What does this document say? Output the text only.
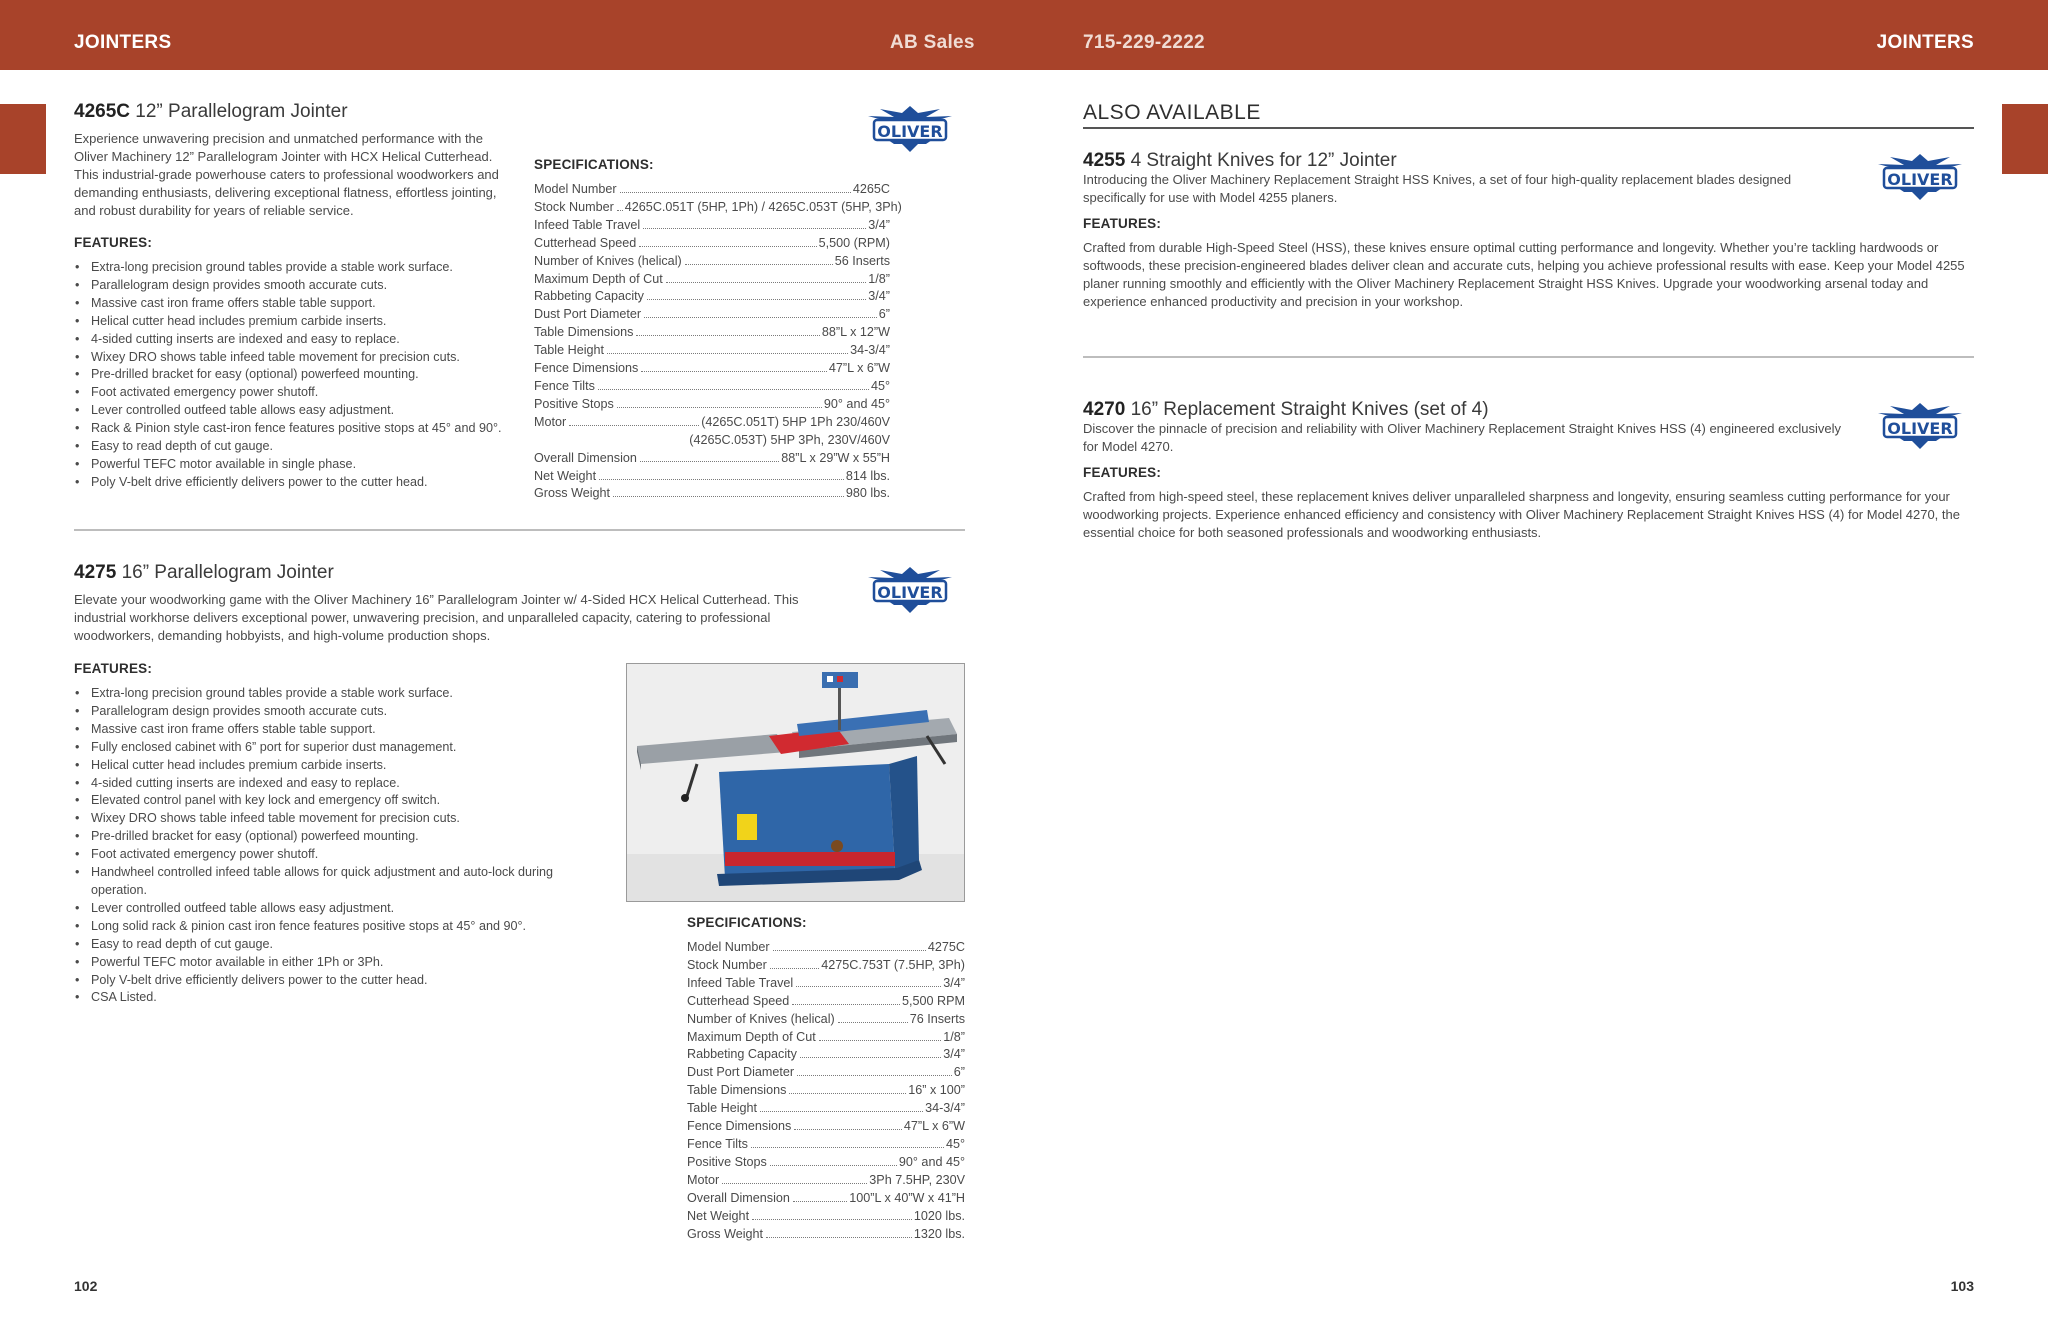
JOINTERS	AB Sales	715-229-2222	JOINTERS
4265C 12” Parallelogram Jointer
OLIVER
Experience unwavering precision and unmatched performance with the
Oliver Machinery 12” Parallelogram Jointer with HCX Helical Cutterhead.
This industrial-grade powerhouse caters to professional woodworkers and
demanding enthusiasts, delivering exceptional flatness, effortless jointing,
and robust durability for years of reliable service.
FEATURES:
• Extra-long precision ground tables provide a stable work surface.
• Parallelogram design provides smooth accurate cuts.
• Massive cast iron frame offers stable table support.
• Helical cutter head includes premium carbide inserts.
• 4-sided cutting inserts are indexed and easy to replace.
• Wixey DRO shows table infeed table movement for precision cuts.
• Pre-drilled bracket for easy (optional) powerfeed mounting.
• Foot activated emergency power shutoff.
• Lever controlled outfeed table allows easy adjustment.
• Rack & Pinion style cast-iron fence features positive stops at 45° and 90°.
• Easy to read depth of cut gauge.
• Powerful TEFC motor available in single phase.
• Poly V-belt drive efficiently delivers power to the cutter head.
SPECIFICATIONS:
Model Number	4265C
Stock Number 4265C.051T (5HP, 1Ph) / 4265C.053T (5HP, 3Ph)
Infeed Table Travel	3/4”
Cutterhead Speed	5,500 (RPM)
Number of Knives (helical)	56 Inserts
Maximum Depth of Cut	1/8”
Rabbeting Capacity	3/4”
Dust Port Diameter	6”
Table Dimensions	88”L x 12”W
Table Height	34-3/4”
Fence Dimensions	47”L x 6”W
Fence Tilts	45°
Positive Stops	90° and 45°
Motor	(4265C.051T) 5HP 1Ph 230/460V
(4265C.053T) 5HP 3Ph, 230V/460V
Overall Dimension	88”L x 29”W x 55”H
Net Weight	814 lbs.
Gross Weight	980 lbs.
4275 16” Parallelogram Jointer
OLIVER
Elevate your woodworking game with the Oliver Machinery 16” Parallelogram Jointer w/ 4-Sided HCX Helical Cutterhead. This
industrial workhorse delivers exceptional power, unwavering precision, and unparalleled capacity, catering to professional
woodworkers, demanding hobbyists, and high-volume production shops.
FEATURES:
• Extra-long precision ground tables provide a stable work surface.
• Parallelogram design provides smooth accurate cuts.
• Massive cast iron frame offers stable table support.
• Fully enclosed cabinet with 6” port for superior dust management.
• Helical cutter head includes premium carbide inserts.
• 4-sided cutting inserts are indexed and easy to replace.
• Elevated control panel with key lock and emergency off switch.
• Wixey DRO shows table infeed table movement for precision cuts.
• Pre-drilled bracket for easy (optional) powerfeed mounting.
• Foot activated emergency power shutoff.
• Handwheel controlled infeed table allows for quick adjustment and auto-lock during operation.
• Lever controlled outfeed table allows easy adjustment.
• Long solid rack & pinion cast iron fence features positive stops at 45° and 90°.
• Easy to read depth of cut gauge.
• Powerful TEFC motor available in either 1Ph or 3Ph.
• Poly V-belt drive efficiently delivers power to the cutter head.
• CSA Listed.
SPECIFICATIONS:
Model Number	4275C
Stock Number	4275C.753T (7.5HP, 3Ph)
Infeed Table Travel	3/4”
Cutterhead Speed	5,500 RPM
Number of Knives (helical)	76 Inserts
Maximum Depth of Cut	1/8”
Rabbeting Capacity	3/4”
Dust Port Diameter	6”
Table Dimensions	16” x 100”
Table Height	34-3/4”
Fence Dimensions	47”L x 6”W
Fence Tilts	45°
Positive Stops	90° and 45°
Motor	3Ph 7.5HP, 230V
Overall Dimension	100”L x 40”W x 41”H
Net Weight	1020 lbs.
Gross Weight	1320 lbs.
102
ALSO AVAILABLE
4255 4 Straight Knives for 12” Jointer
OLIVER
Introducing the Oliver Machinery Replacement Straight HSS Knives, a set of four high-quality replacement blades designed
specifically for use with Model 4255 planers.
FEATURES:
Crafted from durable High-Speed Steel (HSS), these knives ensure optimal cutting performance and longevity. Whether you’re tackling hardwoods or
softwoods, these precision-engineered blades deliver clean and accurate cuts, helping you achieve professional results with ease. Keep your Model 4255
planer running smoothly and efficiently with the Oliver Machinery Replacement Straight HSS Knives. Upgrade your woodworking arsenal today and
experience enhanced productivity and precision in your workshop.
4270 16” Replacement Straight Knives (set of 4)
OLIVER
Discover the pinnacle of precision and reliability with Oliver Machinery Replacement Straight Knives HSS (4) engineered exclusively
for Model 4270.
FEATURES:
Crafted from high-speed steel, these replacement knives deliver unparalleled sharpness and longevity, ensuring seamless cutting performance for your
woodworking projects. Experience enhanced efficiency and consistency with Oliver Machinery Replacement Straight Knives HSS (4) for Model 4270, the
essential choice for both seasoned professionals and woodworking enthusiasts.
103
